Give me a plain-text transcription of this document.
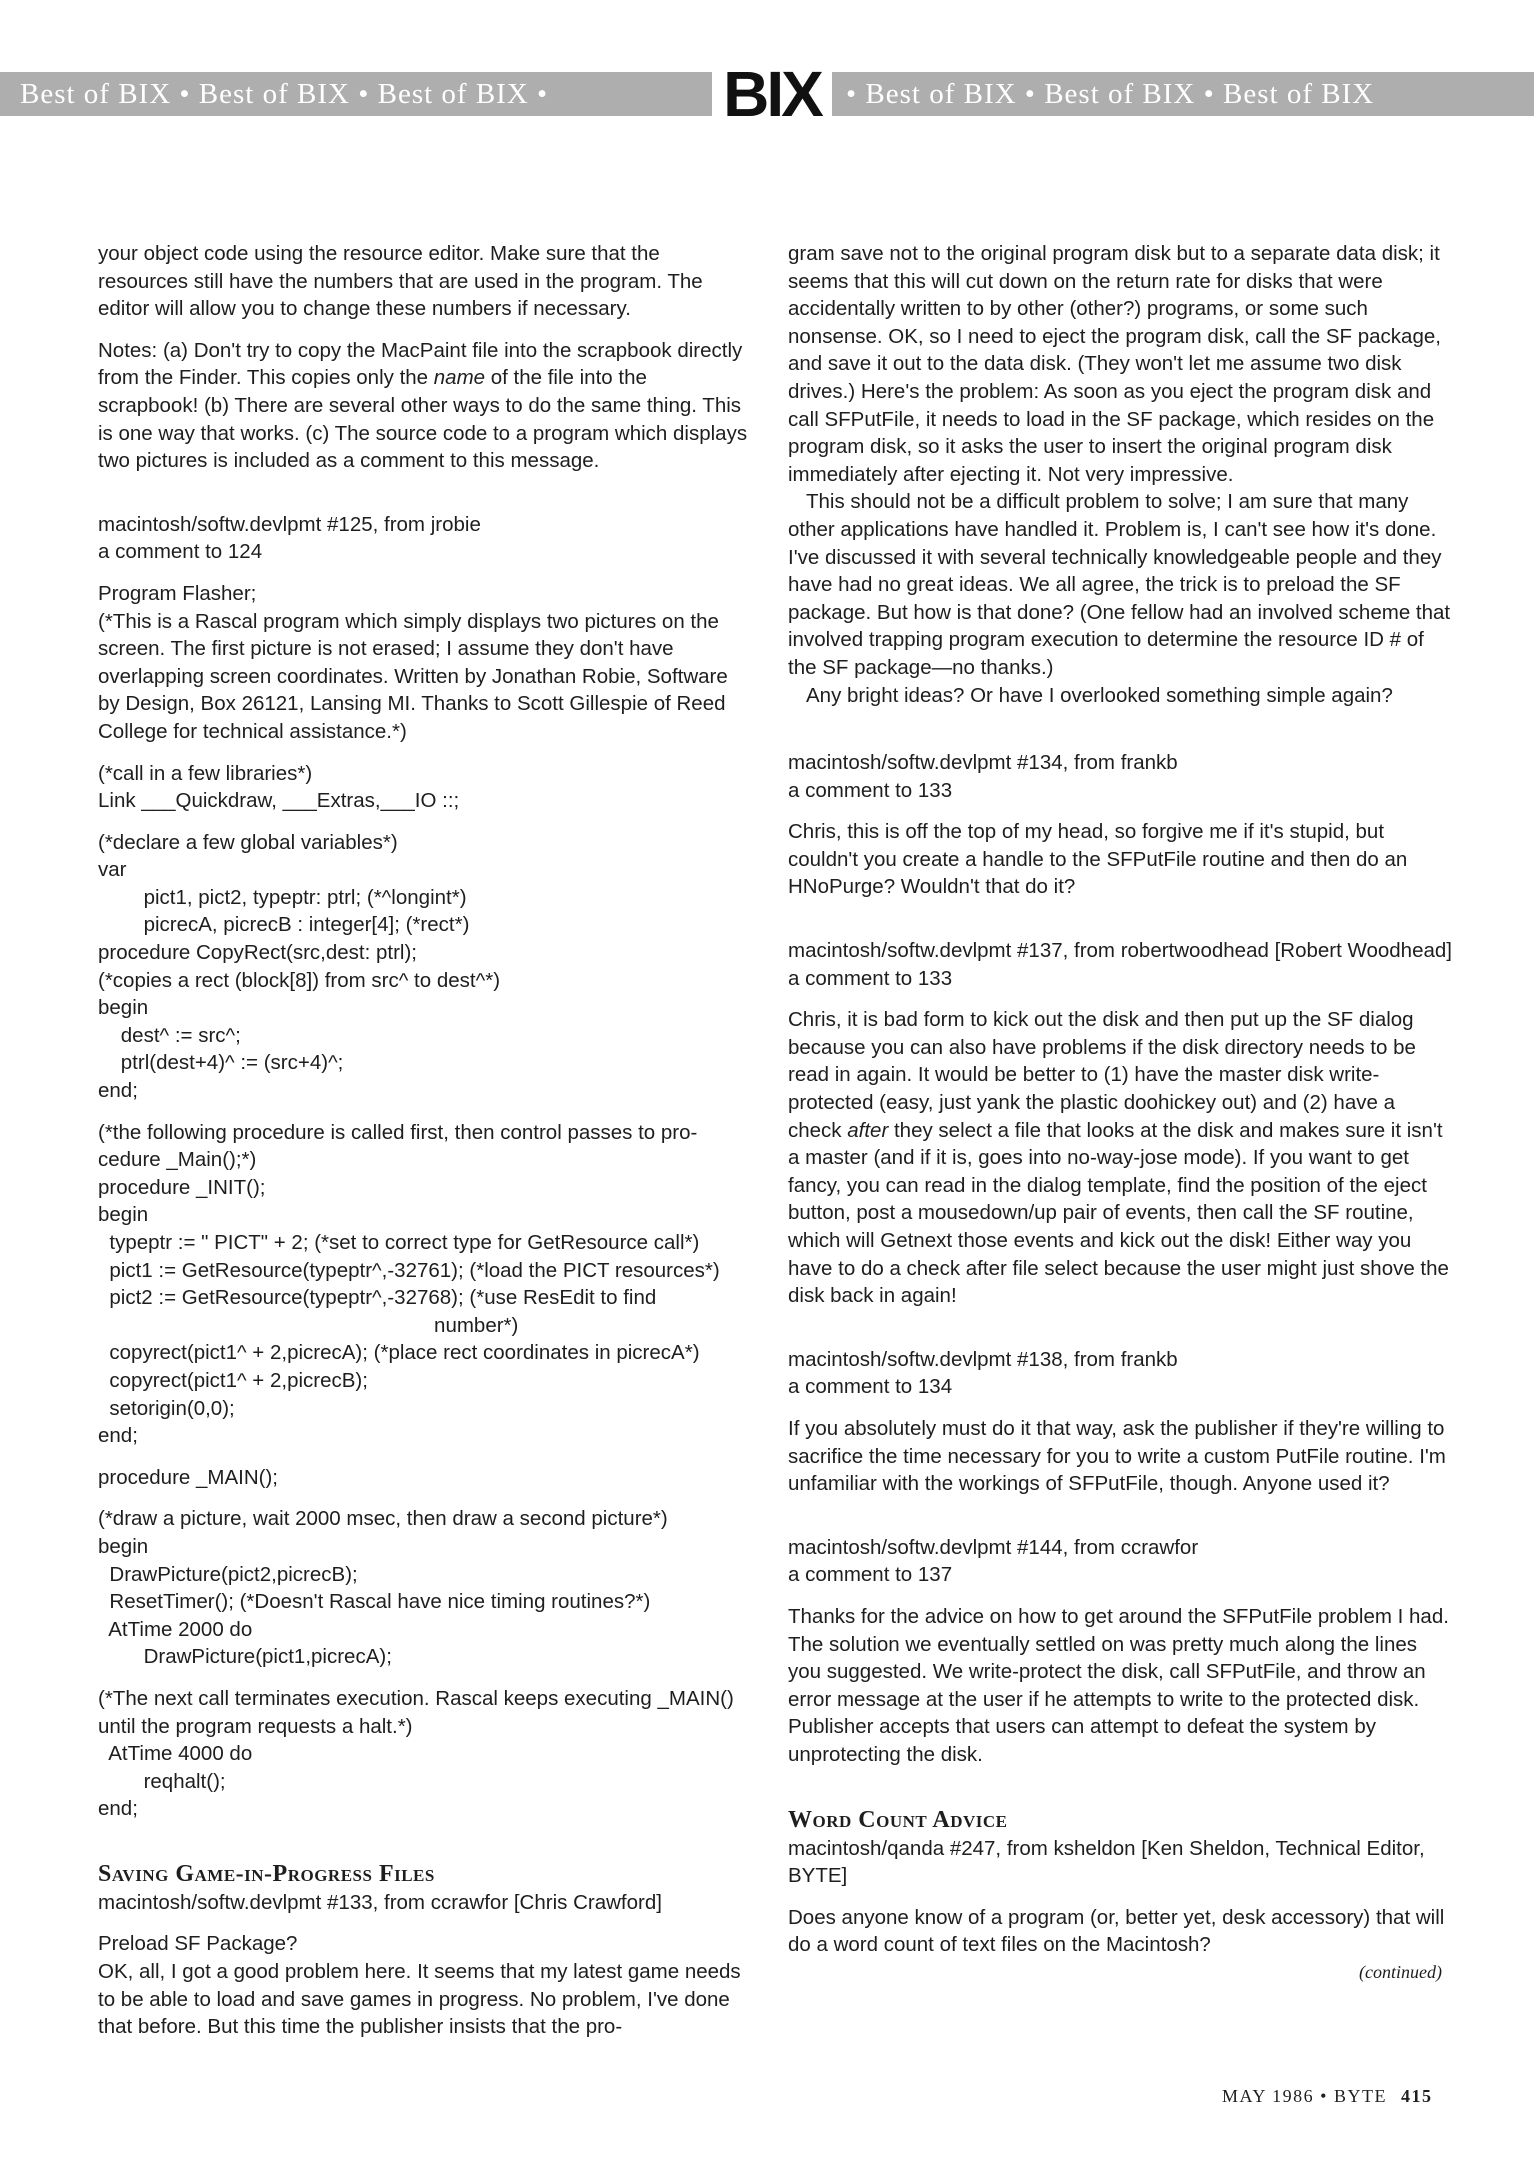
Best of BIX • Best of BIX • Best of BIX •	BIX • Best of BIX • Best of BIX • Best of BIX

your object code using the resource editor. Make sure that the resources still have the numbers that are used in the program. The editor will allow you to change these numbers if necessary.

Notes: (a) Don't try to copy the MacPaint file into the scrapbook directly from the Finder. This copies only the name of the file into the scrapbook! (b) There are several other ways to do the same thing. This is one way that works. (c) The source code to a program which displays two pictures is included as a comment to this message.

macintosh/softw.devlpmt #125, from jrobie

a comment to 124

Program Flasher;

(*This is a Rascal program which simply displays two pictures on the screen. The first picture is not erased; I assume they don't have overlapping screen coordinates. Written by Jonathan Robie, Software by Design, Box 26121, Lansing MI. Thanks to Scott Gillespie of Reed College for technical assistance.*)

(*call in a few libraries*)
Link ___Quickdraw, ___Extras,___IO ::;
(*declare a few global variables*)
var
pict1, pict2, typeptr: ptrl; (*^longint*)
picrecA, picrecB : integer[4]; (*rect*)
procedure CopyRect(src,dest: ptrl);
(*copies a rect (block[8]) from src^ to dest^*)
begin
dest^ := src^;
ptrl(dest+4)^ := (src+4)^;
end;
(*the following procedure is called first, then control passes to pro-
cedure _Main();*)
procedure _INIT();
begin
typeptr := " PICT" + 2; (*set to correct type for GetResource call*)
pict1 := GetResource(typeptr^,-32761); (*load the PICT resources*)
pict2 := GetResource(typeptr^,-32768); (*use ResEdit to find
number*)
copyrect(pict1^ + 2,picrecA); (*place rect coordinates in picrecA*)
copyrect(pict1^ + 2,picrecB);
setorigin(0,0);
end;
procedure _MAIN();
(*draw a picture, wait 2000 msec, then draw a second picture*)
begin
DrawPicture(pict2,picrecB);
ResetTimer(); (*Doesn't Rascal have nice timing routines?*)
AtTime 2000 do
DrawPicture(pict1,picrecA);
(*The next call terminates execution. Rascal keeps executing _MAIN()
until the program requests a halt.*)
AtTime 4000 do
reqhalt();
end;

Saving Game-in-Progress Files

macintosh/softw.devlpmt #133, from ccrawfor [Chris Crawford]

Preload SF Package?

OK, all, I got a good problem here. It seems that my latest game needs to be able to load and save games in progress. No problem, I've done that before. But this time the publisher insists that the pro-

gram save not to the original program disk but to a separate data disk; it seems that this will cut down on the return rate for disks that were accidentally written to by other (other?) programs, or some such nonsense. OK, so I need to eject the program disk, call the SF package, and save it out to the data disk. (They won't let me assume two disk drives.) Here's the problem: As soon as you eject the program disk and call SFPutFile, it needs to load in the SF package, which resides on the program disk, so it asks the user to insert the original program disk immediately after ejecting it. Not very impressive.

This should not be a difficult problem to solve; I am sure that many other applications have handled it. Problem is, I can't see how it's done. I've discussed it with several technically knowledgeable people and they have had no great ideas. We all agree, the trick is to preload the SF package. But how is that done? (One fellow had an involved scheme that involved trapping program execution to determine the resource ID # of the SF package—no thanks.)

Any bright ideas? Or have I overlooked something simple again?

macintosh/softw.devlpmt #134, from frankb

a comment to 133

Chris, this is off the top of my head, so forgive me if it's stupid, but couldn't you create a handle to the SFPutFile routine and then do an HNoPurge? Wouldn't that do it?

macintosh/softw.devlpmt #137, from robertwoodhead [Robert Woodhead]

a comment to 133

Chris, it is bad form to kick out the disk and then put up the SF dialog because you can also have problems if the disk directory needs to be read in again. It would be better to (1) have the master disk write-protected (easy, just yank the plastic doohickey out) and (2) have a check after they select a file that looks at the disk and makes sure it isn't a master (and if it is, goes into no-way-jose mode). If you want to get fancy, you can read in the dialog template, find the position of the eject button, post a mousedown/up pair of events, then call the SF routine, which will Getnext those events and kick out the disk! Either way you have to do a check after file select because the user might just shove the disk back in again!

macintosh/softw.devlpmt #138, from frankb

a comment to 134

If you absolutely must do it that way, ask the publisher if they're willing to sacrifice the time necessary for you to write a custom PutFile routine. I'm unfamiliar with the workings of SFPutFile, though. Anyone used it?

macintosh/softw.devlpmt #144, from ccrawfor

a comment to 137

Thanks for the advice on how to get around the SFPutFile problem I had. The solution we eventually settled on was pretty much along the lines you suggested. We write-protect the disk, call SFPutFile, and throw an error message at the user if he attempts to write to the protected disk. Publisher accepts that users can attempt to defeat the system by unprotecting the disk.

Word Count Advice

macintosh/qanda #247, from ksheldon [Ken Sheldon, Technical Editor, BYTE]

Does anyone know of a program (or, better yet, desk accessory) that will do a word count of text files on the Macintosh?

(continued)
MAY 1986 • BYTE 415
